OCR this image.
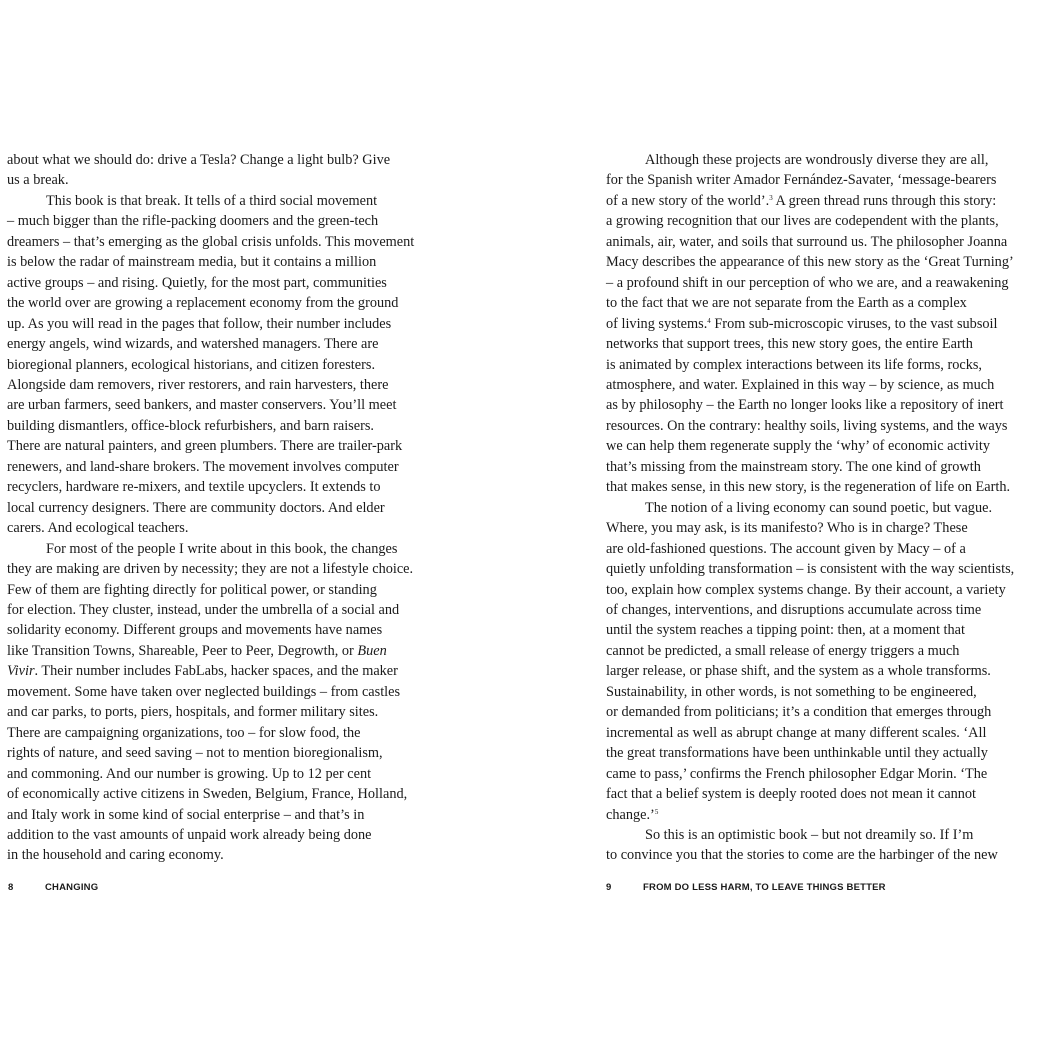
about what we should do: drive a Tesla? Change a light bulb? Give
us a break.
This book is that break. It tells of a third social movement
– much bigger than the rifle-packing doomers and the green-tech
dreamers – that’s emerging as the global crisis unfolds. This movement
is below the radar of mainstream media, but it contains a million
active groups – and rising. Quietly, for the most part, communities
the world over are growing a replacement economy from the ground
up. As you will read in the pages that follow, their number includes
energy angels, wind wizards, and watershed managers. There are
bioregional planners, ecological historians, and citizen foresters.
Alongside dam removers, river restorers, and rain harvesters, there
are urban farmers, seed bankers, and master conservers. You’ll meet
building dismantlers, office-block refurbishers, and barn raisers.
There are natural painters, and green plumbers. There are trailer-park
renewers, and land-share brokers. The movement involves computer
recyclers, hardware re-mixers, and textile upcyclers. It extends to
local currency designers. There are community doctors. And elder
carers. And ecological teachers.
For most of the people I write about in this book, the changes
they are making are driven by necessity; they are not a lifestyle choice.
Few of them are fighting directly for political power, or standing
for election. They cluster, instead, under the umbrella of a social and
solidarity economy. Different groups and movements have names
like Transition Towns, Shareable, Peer to Peer, Degrowth, or Buen
Vivir. Their number includes FabLabs, hacker spaces, and the maker
movement. Some have taken over neglected buildings – from castles
and car parks, to ports, piers, hospitals, and former military sites.
There are campaigning organizations, too – for slow food, the
rights of nature, and seed saving – not to mention bioregionalism,
and commoning. And our number is growing. Up to 12 per cent
of economically active citizens in Sweden, Belgium, France, Holland,
and Italy work in some kind of social enterprise – and that’s in
addition to the vast amounts of unpaid work already being done
in the household and caring economy.
Although these projects are wondrously diverse they are all,
for the Spanish writer Amador Fernández-Savater, ‘message-bearers
of a new story of the world’.$^3$ A green thread runs through this story:
a growing recognition that our lives are codependent with the plants,
animals, air, water, and soils that surround us. The philosopher Joanna
Macy describes the appearance of this new story as the ‘Great Turning’
– a profound shift in our perception of who we are, and a reawakening
to the fact that we are not separate from the Earth as a complex
of living systems.$^4$ From sub-microscopic viruses, to the vast subsoil
networks that support trees, this new story goes, the entire Earth
is animated by complex interactions between its life forms, rocks,
atmosphere, and water. Explained in this way – by science, as much
as by philosophy – the Earth no longer looks like a repository of inert
resources. On the contrary: healthy soils, living systems, and the ways
we can help them regenerate supply the ‘why’ of economic activity
that’s missing from the mainstream story. The one kind of growth
that makes sense, in this new story, is the regeneration of life on Earth.
The notion of a living economy can sound poetic, but vague.
Where, you may ask, is its manifesto? Who is in charge? These
are old-fashioned questions. The account given by Macy – of a
quietly unfolding transformation – is consistent with the way scientists,
too, explain how complex systems change. By their account, a variety
of changes, interventions, and disruptions accumulate across time
until the system reaches a tipping point: then, at a moment that
cannot be predicted, a small release of energy triggers a much
larger release, or phase shift, and the system as a whole transforms.
Sustainability, in other words, is not something to be engineered,
or demanded from politicians; it’s a condition that emerges through
incremental as well as abrupt change at many different scales. ‘All
the great transformations have been unthinkable until they actually
came to pass,’ confirms the French philosopher Edgar Morin. ‘The
fact that a belief system is deeply rooted does not mean it cannot
change.’$^5$
So this is an optimistic book – but not dreamily so. If I’m
to convince you that the stories to come are the harbinger of the new
8	CHANGING	9	FROM DO LESS HARM, TO LEAVE THINGS BETTER
